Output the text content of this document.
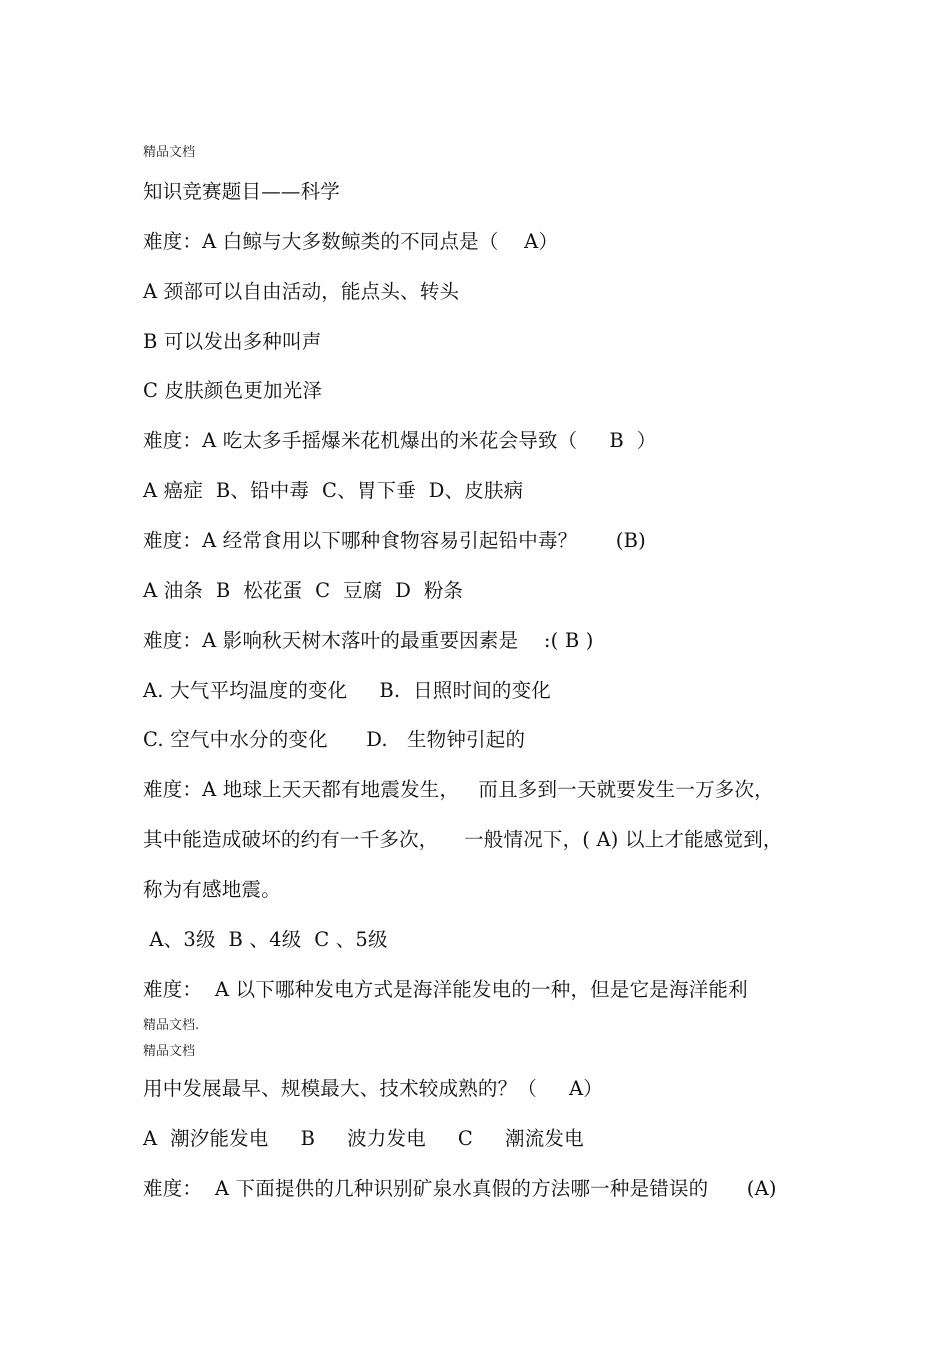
精品文档
知识竞赛题目——科学
难度：A 白鲸与大多数鲸类的不同点是（    A）
A 颈部可以自由活动，能点头、转头
B 可以发出多种叫声
C 皮肤颜色更加光泽
难度：A 吃太多手摇爆米花机爆出的米花会导致（     B  ）
A 癌症  B、铅中毒  C、胃下垂  D、皮肤病
难度：A 经常食用以下哪种食物容易引起铅中毒？      (B)
A 油条  B  松花蛋  C  豆腐  D  粉条
难度：A 影响秋天树木落叶的最重要因素是    :( B )
A. 大气平均温度的变化     B.  日照时间的变化
C. 空气中水分的变化      D.   生物钟引起的
难度：A 地球上天天都有地震发生，   而且多到一天就要发生一万多次，
其中能造成破坏的约有一千多次，    一般情况下，( A) 以上才能感觉到，
称为有感地震。
A、3级  B 、4级  C 、5级
难度：  A 以下哪种发电方式是海洋能发电的一种，但是它是海洋能利
精品文档.
精品文档
用中发展最早、规模最大、技术较成熟的？（     A）
A  潮汐能发电     B     波力发电     C     潮流发电
难度：  A 下面提供的几种识别矿泉水真假的方法哪一种是错误的      (A)
